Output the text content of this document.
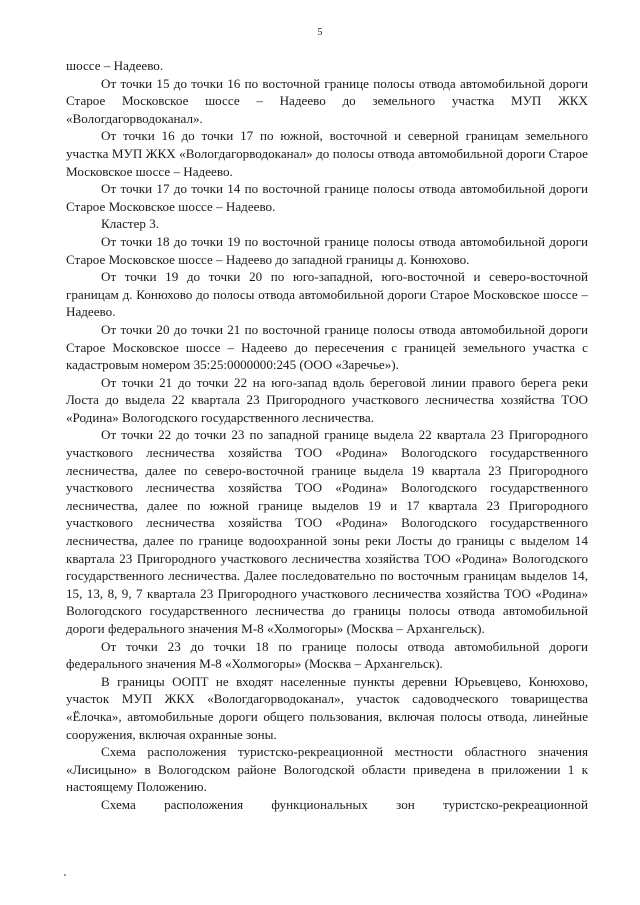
5

шоссе – Надеево.

От точки 15 до точки 16 по восточной границе полосы отвода автомобильной дороги Старое Московское шоссе – Надеево до земельного участка МУП ЖКХ «Вологдагорводоканал».

От точки 16 до точки 17 по южной, восточной и северной границам земельного участка МУП ЖКХ «Вологдагорводоканал» до полосы отвода автомобильной дороги Старое Московское шоссе – Надеево.

От точки 17 до точки 14 по восточной границе полосы отвода автомобильной дороги Старое Московское шоссе – Надеево.

Кластер 3.

От точки 18 до точки 19 по восточной границе полосы отвода автомобильной дороги Старое Московское шоссе – Надеево до западной границы д. Конюхово.

От точки 19 до точки 20 по юго-западной, юго-восточной и северо-восточной границам д. Конюхово до полосы отвода автомобильной дороги Старое Московское шоссе – Надеево.

От точки 20 до точки 21 по восточной границе полосы отвода автомобильной дороги Старое Московское шоссе – Надеево до пересечения с границей земельного участка с кадастровым номером 35:25:0000000:245 (ООО «Заречье»).

От точки 21 до точки 22 на юго-запад вдоль береговой линии правого берега реки Лоста до выдела 22 квартала 23 Пригородного участкового лесничества хозяйства ТОО «Родина» Вологодского государственного лесничества.

От точки 22 до точки 23 по западной границе выдела 22 квартала 23 Пригородного участкового лесничества хозяйства ТОО «Родина» Вологодского государственного лесничества, далее по северо-восточной границе выдела 19 квартала 23 Пригородного участкового лесничества хозяйства ТОО «Родина» Вологодского государственного лесничества, далее по южной границе выделов 19 и 17 квартала 23 Пригородного участкового лесничества хозяйства ТОО «Родина» Вологодского государственного лесничества, далее по границе водоохранной зоны реки Лосты до границы с выделом 14 квартала 23 Пригородного участкового лесничества хозяйства ТОО «Родина» Вологодского государственного лесничества. Далее последовательно по восточным границам выделов 14, 15, 13, 8, 9, 7 квартала 23 Пригородного участкового лесничества хозяйства ТОО «Родина» Вологодского государственного лесничества до границы полосы отвода автомобильной дороги федерального значения М-8 «Холмогоры» (Москва – Архангельск).

От точки 23 до точки 18 по границе полосы отвода автомобильной дороги федерального значения М-8 «Холмогоры» (Москва – Архангельск).

В границы ООПТ не входят населенные пункты деревни Юрьевцево, Конюхово, участок МУП ЖКХ «Вологдагорводоканал», участок садоводческого товарищества «Ёлочка», автомобильные дороги общего пользования, включая полосы отвода, линейные сооружения, включая охранные зоны.

Схема расположения туристско-рекреационной местности областного значения «Лисицыно» в Вологодском районе Вологодской области приведена в приложении 1 к настоящему Положению.

Схема расположения функциональных зон туристско-рекреационной
